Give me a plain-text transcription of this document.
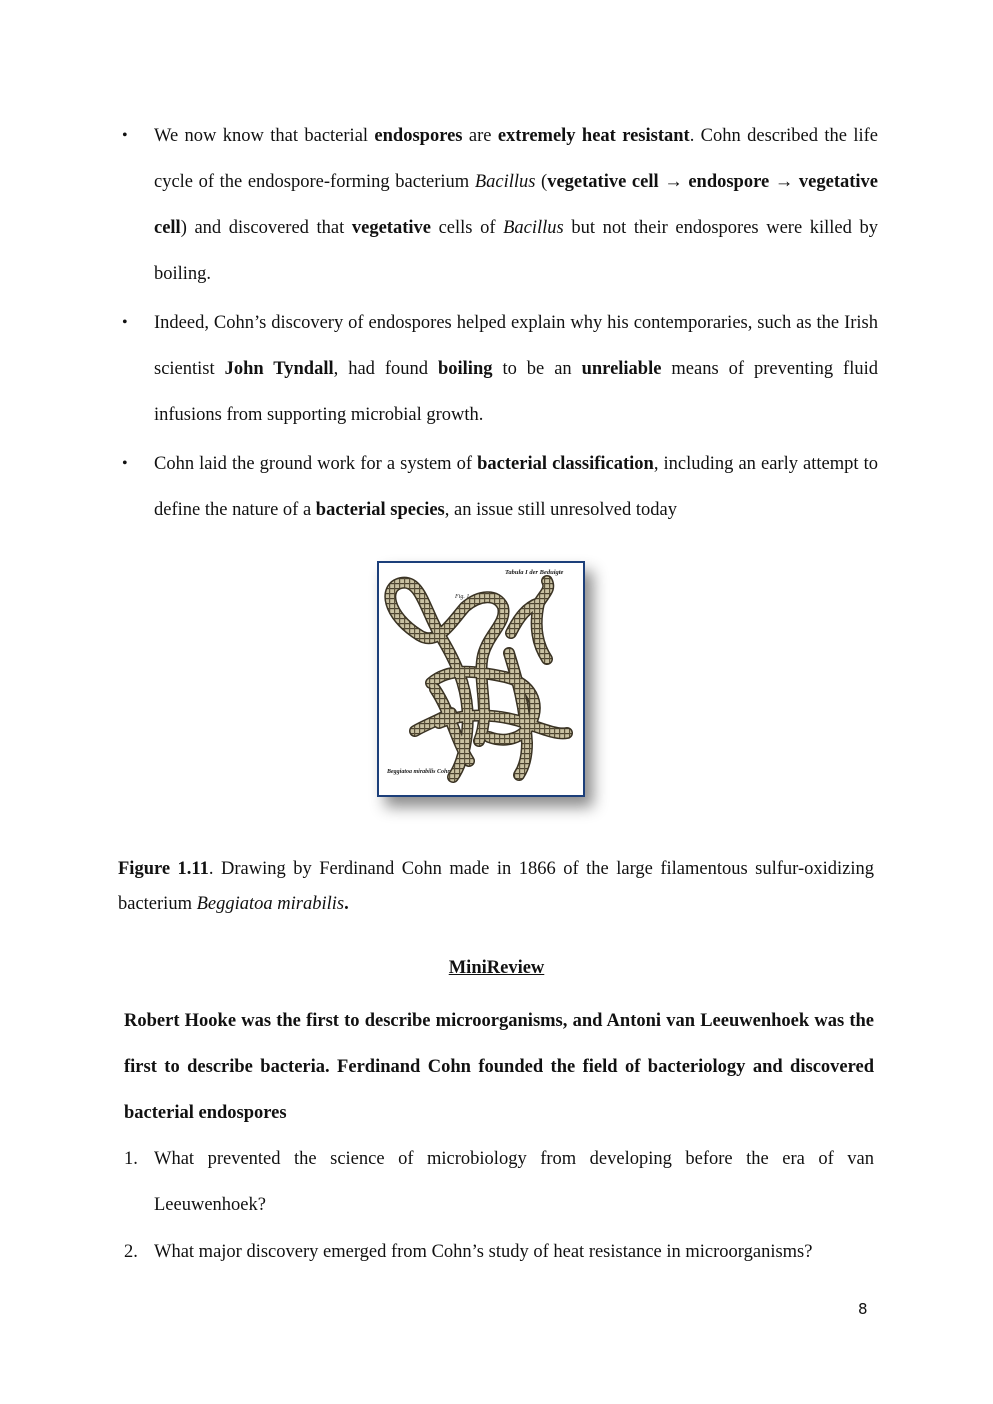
• We now know that bacterial endospores are extremely heat resistant. Cohn described the life cycle of the endospore-forming bacterium Bacillus (vegetative cell → endospore → vegetative cell) and discovered that vegetative cells of Bacillus but not their endospores were killed by boiling.
• Indeed, Cohn’s discovery of endospores helped explain why his contemporaries, such as the Irish scientist John Tyndall, had found boiling to be an unreliable means of preventing fluid infusions from supporting microbial growth.
• Cohn laid the ground work for a system of bacterial classification, including an early attempt to define the nature of a bacterial species, an issue still unresolved today
Tabula I der Beduigte
Fig. 1
Beggiatoa mirabilis Cohn.
Figure 1.11. Drawing by Ferdinand Cohn made in 1866 of the large filamentous sulfur-oxidizing bacterium Beggiatoa mirabilis.
MiniReview
Robert Hooke was the first to describe microorganisms, and Antoni van Leeuwenhoek was the first to describe bacteria. Ferdinand Cohn founded the field of bacteriology and discovered bacterial endospores
1. What prevented the science of microbiology from developing before the era of van Leeuwenhoek?
2. What major discovery emerged from Cohn’s study of heat resistance in microorganisms?
8
